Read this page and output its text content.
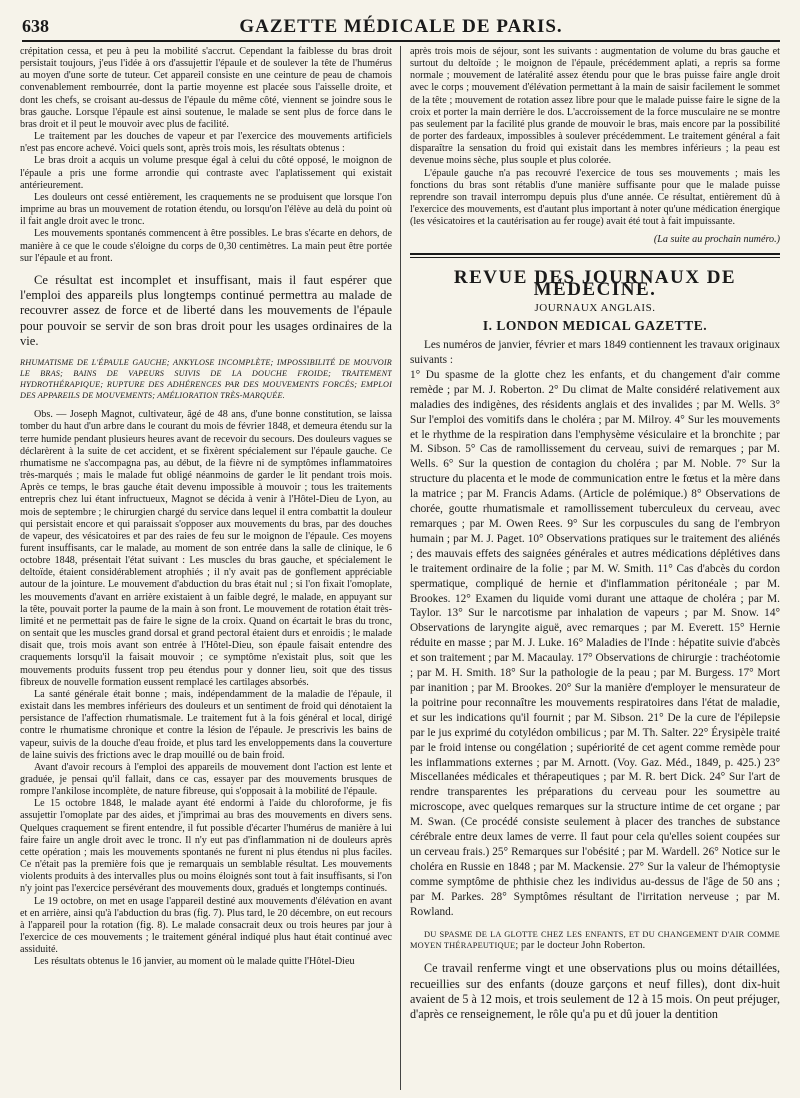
638	GAZETTE MÉDICALE DE PARIS.

crépitation cessa, et peu à peu la mobilité s'accrut. Cependant la faiblesse du bras droit persistait toujours, j'eus l'idée à ors d'assujettir l'épaule et de soulever la tête de l'humérus au moyen d'une sorte de tuteur. Cet appareil consiste en une ceinture de peau de chamois convenablement rembourrée, dont la partie moyenne est placée sous l'aisselle droite, et dont les chefs, se croisant au-dessus de l'épaule du même côté, viennent se joindre sous le bras gauche. Lorsque l'épaule est ainsi soutenue, le malade se sent plus de force dans le bras droit et il peut le mouvoir avec plus de facilité.

Le traitement par les douches de vapeur et par l'exercice des mouvements artificiels n'est pas encore achevé. Voici quels sont, après trois mois, les résultats obtenus :

Le bras droit a acquis un volume presque égal à celui du côté opposé, le moignon de l'épaule a pris une forme arrondie qui contraste avec l'aplatissement qui existait antérieurement.

Les douleurs ont cessé entièrement, les craquements ne se produisent que lorsque l'on imprime au bras un mouvement de rotation étendu, ou lorsqu'on l'élève au delà du point où il fait angle droit avec le tronc.

Les mouvements spontanés commencent à être possibles. Le bras s'écarte en dehors, de manière à ce que le coude s'éloigne du corps de 0,30 centimètres. La main peut être portée sur l'épaule et au front.

Ce résultat est incomplet et insuffisant, mais il faut espérer que l'emploi des appareils plus longtemps continué permettra au malade de recouvrer assez de force et de liberté dans les mouvements de l'épaule pour pouvoir se servir de son bras droit pour les usages ordinaires de la vie.

RHUMATISME DE L'ÉPAULE GAUCHE; ANKYLOSE INCOMPLÈTE; IMPOSSIBILITÉ DE MOUVOIR LE BRAS; BAINS DE VAPEURS SUIVIS DE LA DOUCHE FROIDE; TRAITEMENT HYDROTHÉRAPIQUE; RUPTURE DES ADHÉRENCES PAR DES MOUVEMENTS FORCÉS; EMPLOI DES APPAREILS DE MOUVEMENTS; AMÉLIORATION TRÈS-MARQUÉE.

Obs. — Joseph Magnot, cultivateur, âgé de 48 ans, d'une bonne constitution, se laissa tomber du haut d'un arbre dans le courant du mois de février 1848, et demeura étendu sur la terre humide pendant plusieurs heures avant de recevoir du secours. Des douleurs vagues se déclarèrent à la suite de cet accident, et se fixèrent spécialement sur l'épaule gauche. Ce rhumatisme ne s'accompagna pas, au début, de la fièvre ni de symptômes inflammatoires très-marqués ; mais le malade fut obligé néanmoins de garder le lit pendant trois mois. Après ce temps, le bras gauche était devenu impossible à mouvoir ; tous les traitements entrepris chez lui étant infructueux, Magnot se décida à venir à l'Hôtel-Dieu de Lyon, au mois de septembre ; le chirurgien chargé du service dans lequel il entra combattit la douleur qui persistait encore et qui paraissait s'opposer aux mouvements du bras, par des douches de vapeur, des vésicatoires et par des raies de feu sur le moignon de l'épaule. Ces moyens furent insuffisants, car le malade, au moment de son entrée dans la salle de clinique, le 6 octobre 1848, présentait l'état suivant : Les muscles du bras gauche, et spécialement le deltoïde, étaient considérablement atrophiés ; il n'y avait pas de gonflement appréciable autour de la jointure. Le mouvement d'abduction du bras était nul ; si l'on fixait l'omoplate, les mouvements d'avant en arrière existaient à un faible degré, le malade, en appuyant sur la tête, pouvait porter la paume de la main à son front. Le mouvement de rotation était très-limité et ne permettait pas de faire le signe de la croix. Quand on écartait le bras du tronc, on sentait que les muscles grand dorsal et grand pectoral étaient durs et enroidis ; le malade disait que, trois mois avant son entrée à l'Hôtel-Dieu, son épaule faisait entendre des craquements lorsqu'il la faisait mouvoir ; ce symptôme n'existait plus, soit que les mouvements produits fussent trop peu étendus pour y donner lieu, soit que des tissus fibreux de nouvelle formation eussent remplacé les cartilages absorbés.

La santé générale était bonne ; mais, indépendamment de la maladie de l'épaule, il existait dans les membres inférieurs des douleurs et un sentiment de froid qui dénotaient la persistance de l'affection rhumatismale. Le traitement fut à la fois général et local, dirigé contre le rhumatisme chronique et contre la lésion de l'épaule. Je prescrivis les bains de vapeur, suivis de la douche d'eau froide, et plus tard les enveloppements dans la couverture de laine suivis des frictions avec le drap mouillé ou de bain froid.

Avant d'avoir recours à l'emploi des appareils de mouvement dont l'action est lente et graduée, je pensai qu'il fallait, dans ce cas, essayer par des mouvements brusques de rompre l'ankilose incomplète, de nature fibreuse, qui s'opposait à la mobilité de l'épaule.

Le 15 octobre 1848, le malade ayant été endormi à l'aide du chloroforme, je fis assujettir l'omoplate par des aides, et j'imprimai au bras des mouvements en divers sens. Quelques craquement se firent entendre, il fut possible d'écarter l'humérus de manière à lui faire faire un angle droit avec le tronc. Il n'y eut pas d'inflammation ni de douleurs après cette opération ; mais les mouvements spontanés ne furent ni plus étendus ni plus faciles. Ce n'était pas la première fois que je remarquais un semblable résultat. Les mouvements violents produits à des intervalles plus ou moins éloignés sont tout à fait insuffisants, si l'on n'y joint pas l'exercice persévérant des mouvements doux, gradués et longtemps continués.

Le 19 octobre, on met en usage l'appareil destiné aux mouvements d'élévation en avant et en arrière, ainsi qu'à l'abduction du bras (fig. 7). Plus tard, le 20 décembre, on eut recours à l'appareil pour la rotation (fig. 8). Le malade consacrait deux ou trois heures par jour à l'exercice de ces mouvements ; le traitement général indiqué plus haut était continué avec assiduité.

Les résultats obtenus le 16 janvier, au moment où le malade quitte l'Hôtel-Dieu

après trois mois de séjour, sont les suivants : augmentation de volume du bras gauche et surtout du deltoïde ; le moignon de l'épaule, précédemment aplati, a repris sa forme normale ; mouvement de latéralité assez étendu pour que le bras puisse faire angle droit avec le corps ; mouvement d'élévation permettant à la main de saisir facilement le sommet de la tête ; mouvement de rotation assez libre pour que le malade puisse faire le signe de la croix et porter la main derrière le dos. L'accroissement de la force musculaire ne se montre pas seulement par la facilité plus grande de mouvoir le bras, mais encore par la possibilité de porter des fardeaux, impossibles à soulever précédemment. Le traitement général a fait disparaître la sensation du froid qui existait dans les membres inférieurs ; la peau est devenue moins sèche, plus souple et plus colorée.

L'épaule gauche n'a pas recouvré l'exercice de tous ses mouvements ; mais les fonctions du bras sont rétablis d'une manière suffisante pour que le malade puisse reprendre son travail interrompu depuis plus d'une année. Ce résultat, entièrement dû à l'exercice des mouvements, est d'autant plus important à noter qu'une médication énergique (les vésicatoires et la cautérisation au fer rouge) avait été tout à fait impuissante.

(La suite au prochain numéro.)

REVUE DES JOURNAUX DE MÉDECINE.

JOURNAUX ANGLAIS.

I. LONDON MEDICAL GAZETTE.

Les numéros de janvier, février et mars 1849 contiennent les travaux originaux suivants :

1° Du spasme de la glotte chez les enfants, et du changement d'air comme remède ; par M. J. Roberton. 2° Du climat de Malte considéré relativement aux maladies des indigènes, des résidents anglais et des invalides ; par M. Wells. 3° Sur l'emploi des vomitifs dans le choléra ; par M. Milroy. 4° Sur les mouvements et le rhythme de la respiration dans l'emphysème vésiculaire et la bronchite ; par M. Sibson. 5° Cas de ramollissement du cerveau, suivi de remarques ; par M. Wells. 6° Sur la question de contagion du choléra ; par M. Noble. 7° Sur la structure du placenta et le mode de communication entre le fœtus et la mère dans la matrice ; par M. Francis Adams. (Article de polémique.) 8° Observations de chorée, goutte rhumatismale et ramollissement tuberculeux du cerveau, avec remarques ; par M. Owen Rees. 9° Sur les corpuscules du sang de l'embryon humain ; par M. J. Paget. 10° Observations pratiques sur le traitement des aliénés ; des mauvais effets des saignées générales et autres médications déplétives dans le traitement ordinaire de la folie ; par M. W. Smith. 11° Cas d'abcès du cordon spermatique, compliqué de hernie et d'inflammation péritonéale ; par M. Brookes. 12° Examen du liquide vomi durant une attaque de choléra ; par M. Taylor. 13° Sur le narcotisme par inhalation de vapeurs ; par M. Snow. 14° Observations de laryngite aiguë, avec remarques ; par M. Everett. 15° Hernie réduite en masse ; par M. J. Luke. 16° Maladies de l'Inde : hépatite suivie d'abcès et son traitement ; par M. Macaulay. 17° Observations de chirurgie : trachéotomie ; par M. H. Smith. 18° Sur la pathologie de la peau ; par M. Burgess. 17° Mort par inanition ; par M. Brookes. 20° Sur la manière d'employer le mensurateur de la poitrine pour reconnaître les mouvements respiratoires dans l'état de maladie, et sur les indications qu'il fournit ; par M. Sibson. 21° De la cure de l'épilepsie par le jus exprimé du cotylédon ombilicus ; par M. Th. Salter. 22° Érysipèle traité par le froid intense ou congélation ; supériorité de cet agent comme remède pour les inflammations externes ; par M. Arnott. (Voy. Gaz. Méd., 1849, p. 425.) 23° Miscellanées médicales et thérapeutiques ; par M. R. bert Dick. 24° Sur l'art de rendre transparentes les préparations du cerveau pour les soumettre au microscope, avec quelques remarques sur la structure intime de cet organe ; par M. Swan. (Ce procédé consiste seulement à placer des tranches de substance cérébrale entre deux lames de verre. Il faut pour cela qu'elles soient coupées sur un cerveau frais.) 25° Remarques sur l'obésité ; par M. Wardell. 26° Notice sur le choléra en Russie en 1848 ; par M. Mackensie. 27° Sur la valeur de l'hémoptysie comme symptôme de phthisie chez les individus au-dessus de l'âge de 50 ans ; par M. Parkes. 28° Symptômes résultant de l'irritation nerveuse ; par M. Rowland.

DU SPASME DE LA GLOTTE CHEZ LES ENFANTS, ET DU CHANGEMENT D'AIR COMME MOYEN THÉRAPEUTIQUE; par le docteur John Roberton.

Ce travail renferme vingt et une observations plus ou moins détaillées, recueillies sur des enfants (douze garçons et neuf filles), dont dix-huit avaient de 5 à 12 mois, et trois seulement de 12 à 15 mois. On peut préjuger, d'après ce renseignement, le rôle qu'a pu et dû jouer la dentition
